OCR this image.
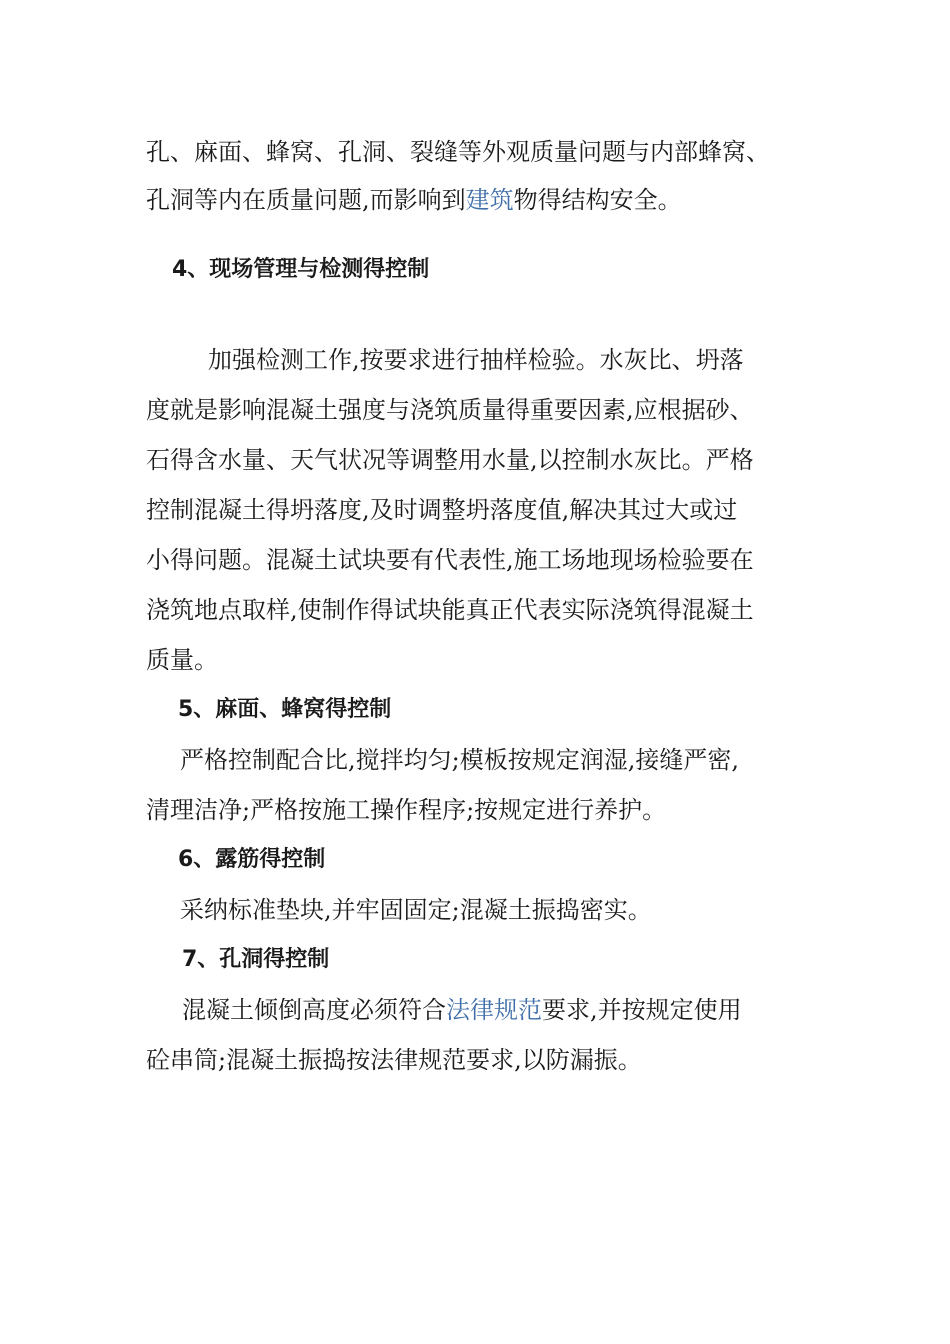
孔、麻面、蜂窝、孔洞、裂缝等外观质量问题与内部蜂窝、
孔洞等内在质量问题,而影响到建筑物得结构安全。
4、现场管理与检测得控制
加强检测工作,按要求进行抽样检验。水灰比、坍落
度就是影响混凝土强度与浇筑质量得重要因素,应根据砂、
石得含水量、天气状况等调整用水量,以控制水灰比。严格
控制混凝土得坍落度,及时调整坍落度值,解决其过大或过
小得问题。混凝土试块要有代表性,施工场地现场检验要在
浇筑地点取样,使制作得试块能真正代表实际浇筑得混凝土
质量。
5、麻面、蜂窝得控制
严格控制配合比,搅拌均匀;模板按规定润湿,接缝严密,
清理洁净;严格按施工操作程序;按规定进行养护。
6、露筋得控制
采纳标准垫块,并牢固固定;混凝土振捣密实。
7、孔洞得控制
混凝土倾倒高度必须符合法律规范要求,并按规定使用
砼串筒;混凝土振捣按法律规范要求,以防漏振。
